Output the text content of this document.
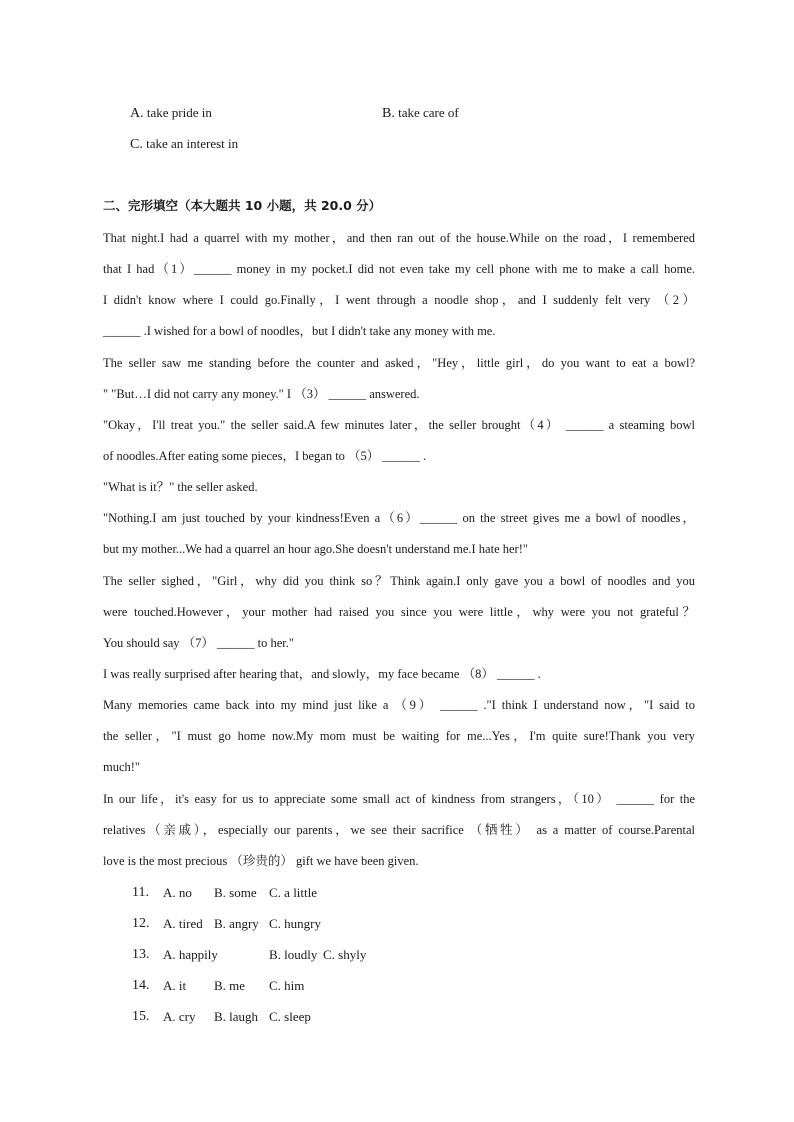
A. take pride in	B. take care of
C. take an interest in
二、完形填空（本大题共 10 小题，共 20.0 分）
That night.I had a quarrel with my mother，and then ran out of the house.While on the road，I remembered
that I had（1）______ money in my pocket.I did not even take my cell phone with me to make a call home.
I didn't know where I could go.Finally，I went through a noodle shop，and I suddenly felt very （2）
______ .I wished for a bowl of noodles，but I didn't take any money with me.
The seller saw me standing before the counter and asked，"Hey，little girl，do you want to eat a bowl?
" "But…I did not carry any money." I （3） ______ answered.
"Okay，I'll treat you." the seller said.A few minutes later，the seller brought（4） ______ a steaming bowl
of noodles.After eating some pieces，I began to （5） ______ .
"What is it？" the seller asked.
"Nothing.I am just touched by your kindness!Even a（6）______ on the street gives me a bowl of noodles，
but my mother...We had a quarrel an hour ago.She doesn't understand me.I hate her!"
The seller sighed，"Girl，why did you think so？Think again.I only gave you a bowl of noodles and you
were touched.However，your mother had raised you since you were little，why were you not grateful？
You should say （7） ______ to her."
I was really surprised after hearing that，and slowly，my face became （8） ______ .
Many memories came back into my mind just like a （9） ______ ."I think I understand now，"I said to
the seller，"I must go home now.My mom must be waiting for me...Yes，I'm quite sure!Thank you very
much!"
In our life，it's easy for us to appreciate some small act of kindness from strangers，（10） ______ for the
relatives（亲戚），especially our parents，we see their sacrifice （牺牲） as a matter of course.Parental
love is the most precious （珍贵的） gift we have been given.
11. A. no B. some C. a little
12. A. tired B. angry C. hungry
13. A. happily	B. loudly C. shyly
14. A. it B. me C. him
15. A. cry B. laugh C. sleep
